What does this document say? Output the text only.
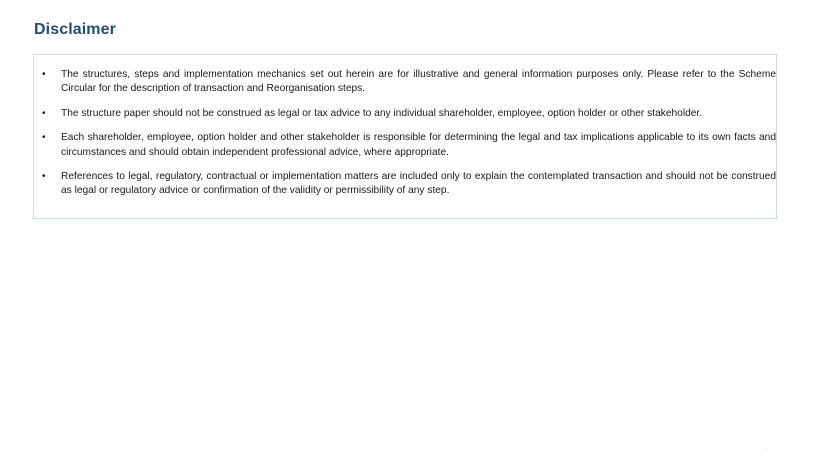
Disclaimer
• The structures, steps and implementation mechanics set out herein are for illustrative and general information purposes only. Please refer to the Scheme Circular for the description of transaction and Reorganisation steps.
• The structure paper should not be construed as legal or tax advice to any individual shareholder, employee, option holder or other stakeholder.
• Each shareholder, employee, option holder and other stakeholder is responsible for determining the legal and tax implications applicable to its own facts and circumstances and should obtain independent professional advice, where appropriate.
• References to legal, regulatory, contractual or implementation matters are included only to explain the contemplated transaction and should not be construed as legal or regulatory advice or confirmation of the validity or permissibility of any step.
1
